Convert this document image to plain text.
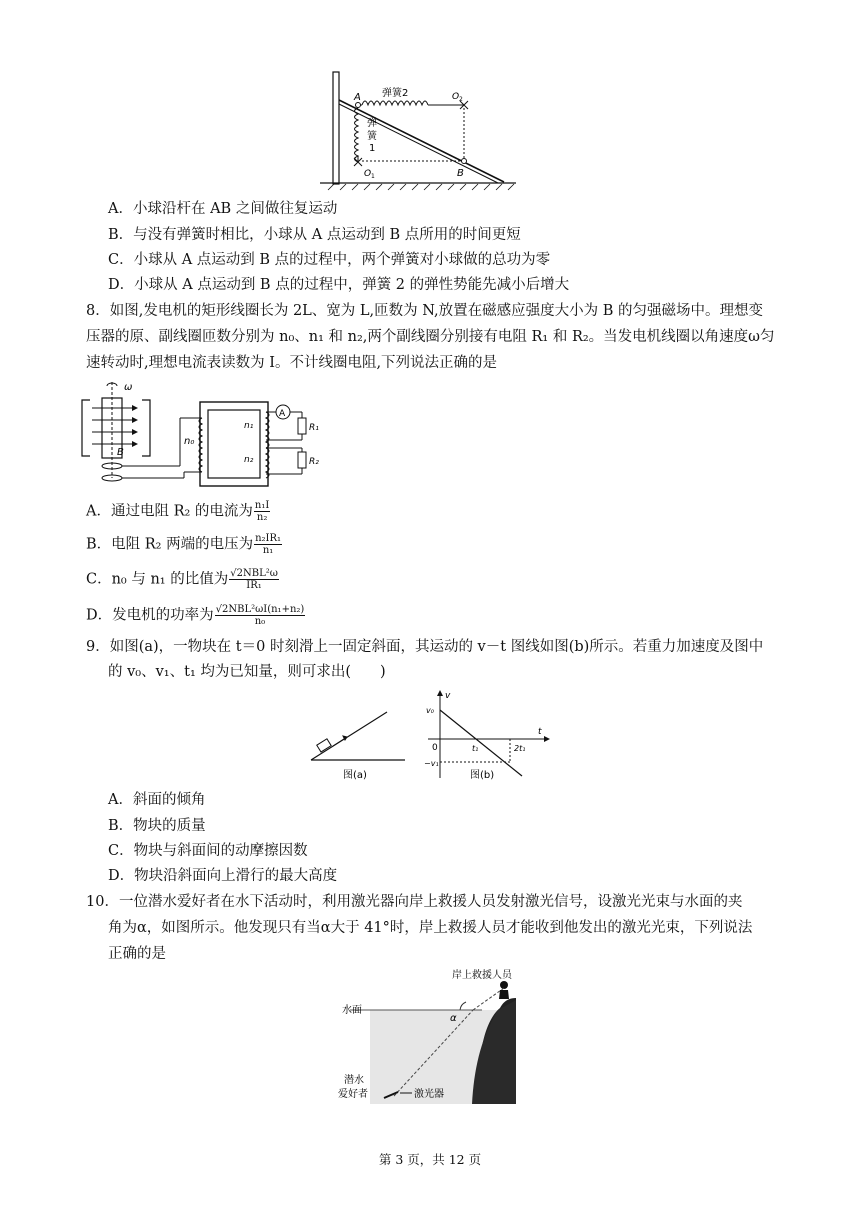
A
B
弹簧2	O 2
弹
簧
1
O 1
A．小球沿杆在 AB 之间做往复运动
B．与没有弹簧时相比，小球从 A 点运动到 B 点所用的时间更短
C．小球从 A 点运动到 B 点的过程中，两个弹簧对小球做的总功为零
D．小球从 A 点运动到 B 点的过程中，弹簧 2 的弹性势能先减小后增大
8．如图,发电机的矩形线圈长为 2L、宽为 L,匝数为 N,放置在磁感应强度大小为 B 的匀强磁场中。理想变
压器的原、副线圈匝数分别为 n₀、n₁ 和 n₂,两个副线圈分别接有电阻 R₁ 和 R₂。当发电机线圈以角速度ω匀
速转动时,理想电流表读数为 I。不计线圈电阻,下列说法正确的是
ω
B
n₀
n₁
n₂
A
R₁
R₂
A．通过电阻 R₂ 的电流为 $\frac{\text{n₁I}}{\text{n₂}}$
B．电阻 R₂ 两端的电压为 $\frac{\text{n₂IR₁}}{\text{n₁}}$
C．n₀ 与 n₁ 的比值为 $\frac{\text{√2NBL²ω}}{\text{IR₁}}$
D．发电机的功率为 $\frac{\text{√2NBL²ωI(n₁+n₂)}}{\text{n₀}}$
9．如图(a)，一物块在 t＝0 时刻滑上一固定斜面，其运动的 v－t 图线如图(b)所示。若重力加速度及图中
的 v₀、v₁、t₁ 均为已知量，则可求出(　　)
图(a)
v
t
v₀
0	t₁	2t₁
−v₁
图(b)
A．斜面的倾角
B．物块的质量
C．物块与斜面间的动摩擦因数
D．物块沿斜面向上滑行的最大高度
10．一位潜水爱好者在水下活动时，利用激光器向岸上救援人员发射激光信号，设激光光束与水面的夹
角为α，如图所示。他发现只有当α大于 41°时，岸上救援人员才能收到他发出的激光光束，下列说法
正确的是
岸上救援人员
水面
α
潜水
爱好者	激光器
第 3 页，共 12 页
